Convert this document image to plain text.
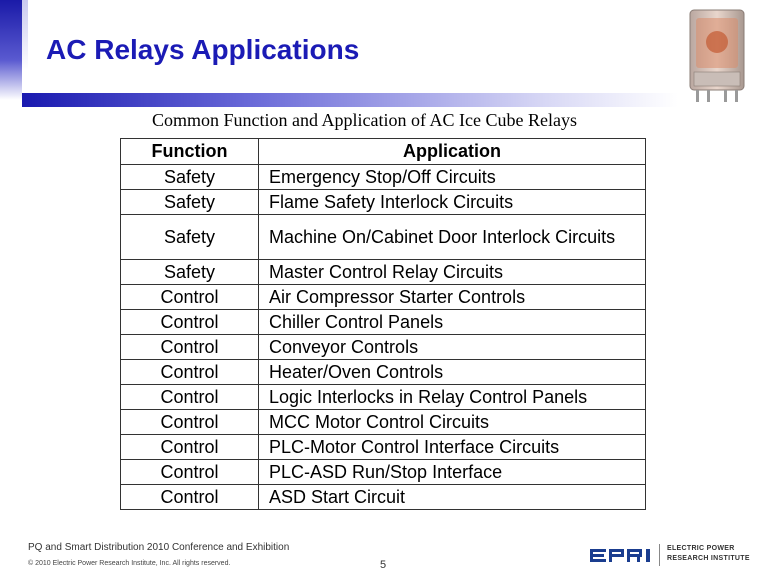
AC Relays Applications
Common Function and Application of AC Ice Cube Relays
Function	Application
Safety	Emergency Stop/Off Circuits
Safety	Flame Safety Interlock Circuits
Safety	Machine On/Cabinet Door Interlock Circuits
Safety	Master Control Relay Circuits
Control	Air Compressor Starter Controls
Control	Chiller Control Panels
Control	Conveyor Controls
Control	Heater/Oven Controls
Control	Logic Interlocks in Relay Control Panels
Control	MCC Motor Control Circuits
Control	PLC-Motor Control Interface Circuits
Control	PLC-ASD Run/Stop Interface
Control	ASD Start Circuit
PQ and Smart Distribution 2010 Conference and Exhibition
© 2010 Electric Power Research Institute, Inc. All rights reserved.	5
ELECTRIC POWER
RESEARCH INSTITUTE
